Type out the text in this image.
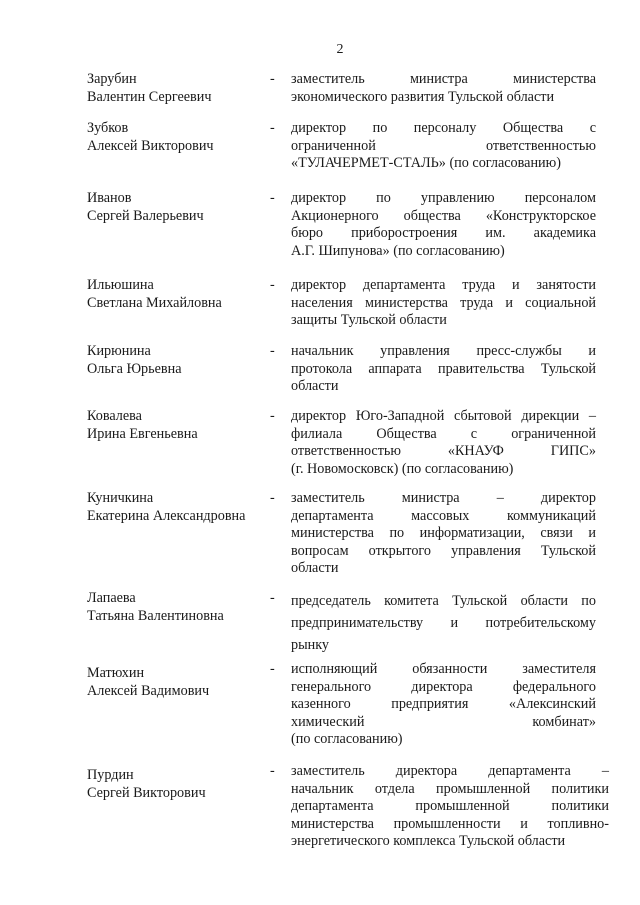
2
Зарубин
Валентин Сергеевич
-	заместитель министра министерства
экономического развития Тульской области
Зубков
Алексей Викторович
-	директор по персоналу Общества с
ограниченной ответственностью
«ТУЛАЧЕРМЕТ-СТАЛЬ» (по согласованию)
Иванов
Сергей Валерьевич
-	директор по управлению персоналом
Акционерного общества «Конструкторское
бюро приборостроения им. академика
А.Г. Шипунова» (по согласованию)
Ильюшина
Светлана Михайловна
-	директор департамента труда и занятости
населения министерства труда и социальной
защиты Тульской области
Кирюнина
Ольга Юрьевна
-	начальник управления пресс-службы и
протокола аппарата правительства Тульской
области
Ковалева
Ирина Евгеньевна
-	директор Юго-Западной сбытовой дирекции –
филиала Общества с ограниченной
ответственностью «КНАУФ ГИПС»
(г. Новомосковск) (по согласованию)
Куничкина
Екатерина Александровна
-	заместитель министра – директор
департамента массовых коммуникаций
министерства по информатизации, связи и
вопросам открытого управления Тульской
области
Лапаева
Татьяна Валентиновна
-	председатель комитета Тульской области по
предпринимательству и потребительскому
рынку
Матюхин
Алексей Вадимович
-	исполняющий обязанности заместителя
генерального директора федерального
казенного предприятия «Алексинский
химический комбинат»
(по согласованию)
Пурдин
Сергей Викторович
-	заместитель директора департамента –
начальник отдела промышленной политики
департамента промышленной политики
министерства промышленности и топливно-
энергетического комплекса Тульской области
